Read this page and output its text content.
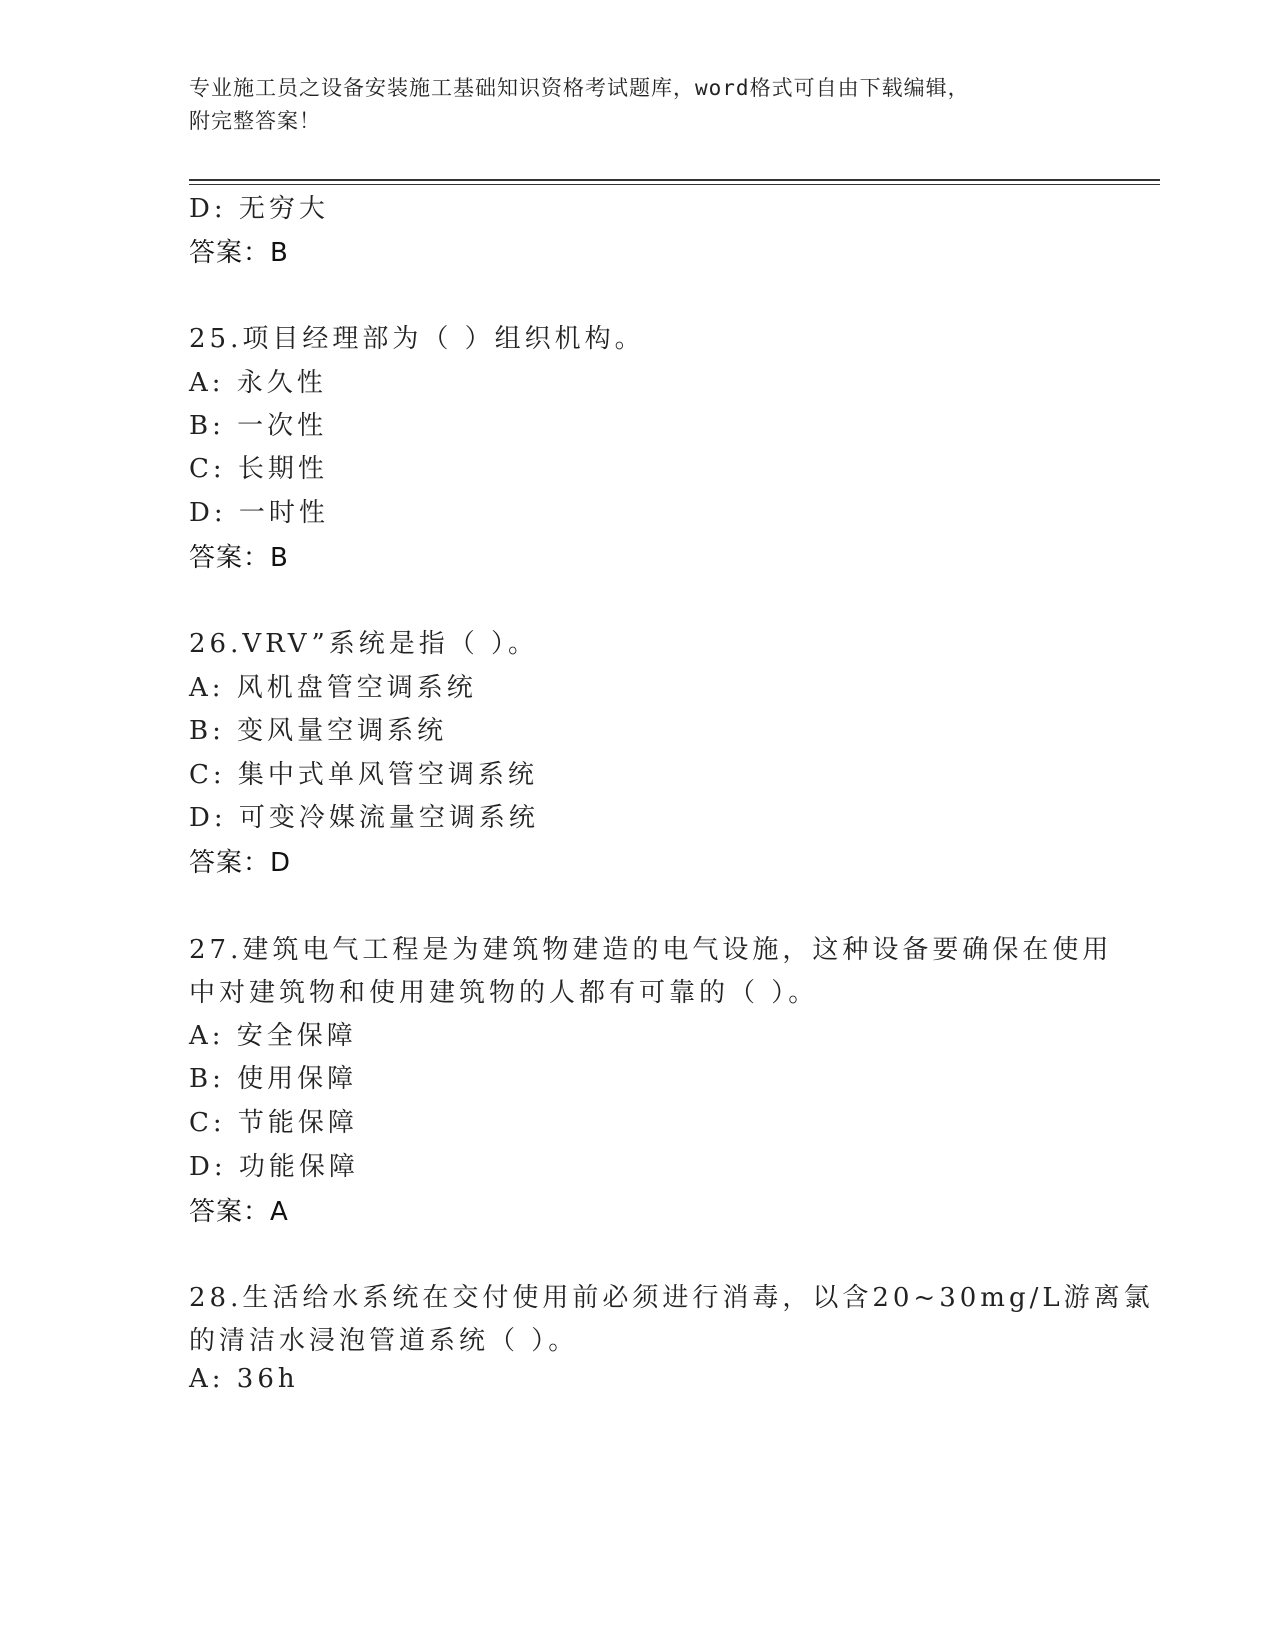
专业施工员之设备安装施工基础知识资格考试题库，word格式可自由下载编辑，
附完整答案！
D: 无穷大
答案：B
25.项目经理部为（ ）组织机构。
A: 永久性
B: 一次性
C: 长期性
D: 一时性
答案：B
26.VRV”系统是指（ ）。
A: 风机盘管空调系统
B: 变风量空调系统
C: 集中式单风管空调系统
D: 可变冷媒流量空调系统
答案：D
27.建筑电气工程是为建筑物建造的电气设施，这种设备要确保在使用
中对建筑物和使用建筑物的人都有可靠的（ ）。
A: 安全保障
B: 使用保障
C: 节能保障
D: 功能保障
答案：A
28.生活给水系统在交付使用前必须进行消毒，以含20~30mg/L游离氯
的清洁水浸泡管道系统（ ）。
A: 36h
